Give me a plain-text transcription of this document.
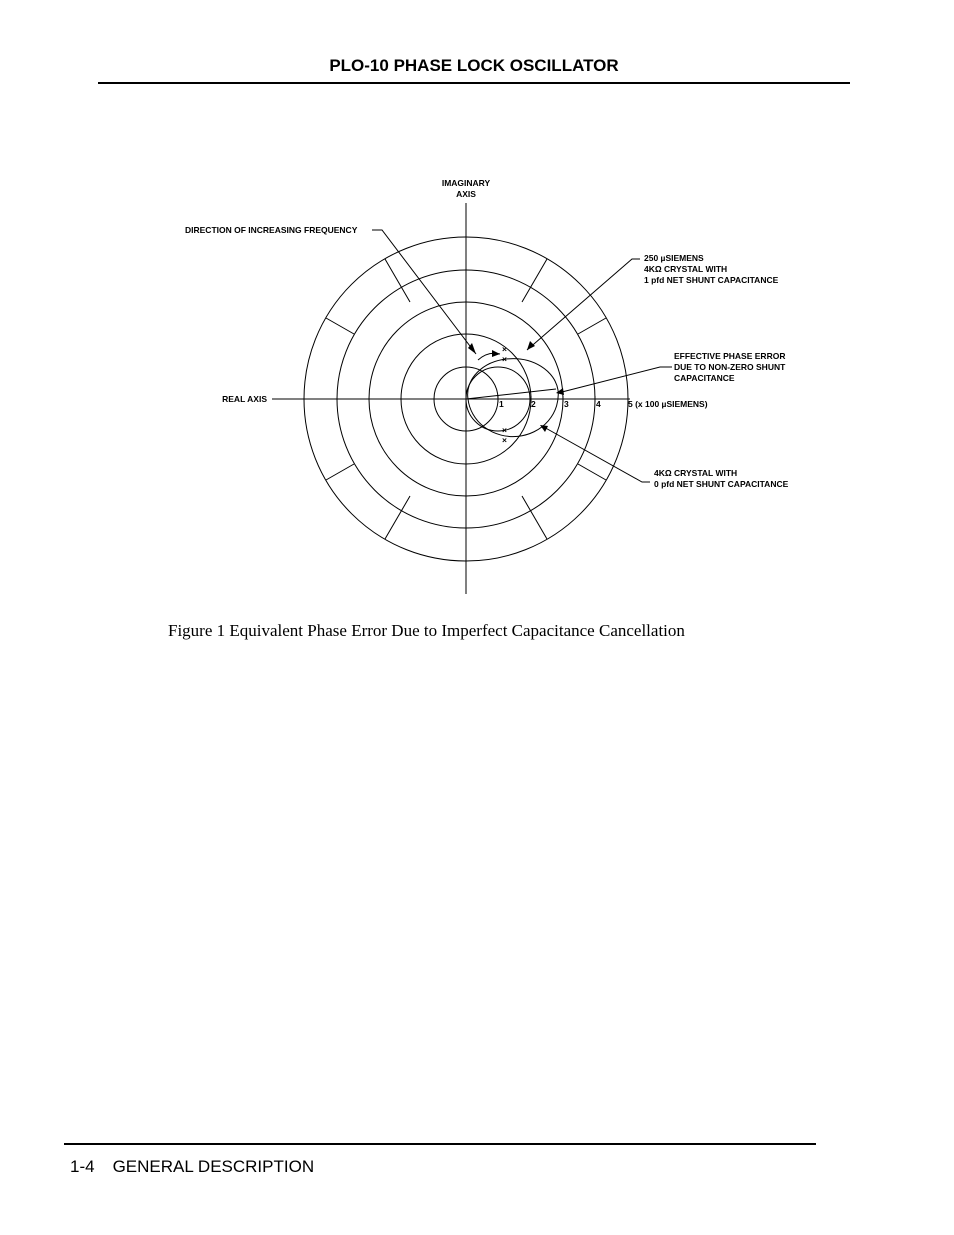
PLO-10 PHASE LOCK OSCILLATOR
×
×
×
×
IMAGINARY
AXIS
REAL AXIS
DIRECTION OF INCREASING FREQUENCY
250 µSIEMENS
4KΩ CRYSTAL WITH
1 pfd NET SHUNT CAPACITANCE
EFFECTIVE PHASE ERROR
DUE TO NON-ZERO SHUNT
CAPACITANCE
4KΩ CRYSTAL WITH
0 pfd NET SHUNT CAPACITANCE
1	2	3	4	5 (x 100 µSIEMENS)
Figure 1 Equivalent Phase Error Due to Imperfect Capacitance Cancellation
1-4 GENERAL DESCRIPTION
